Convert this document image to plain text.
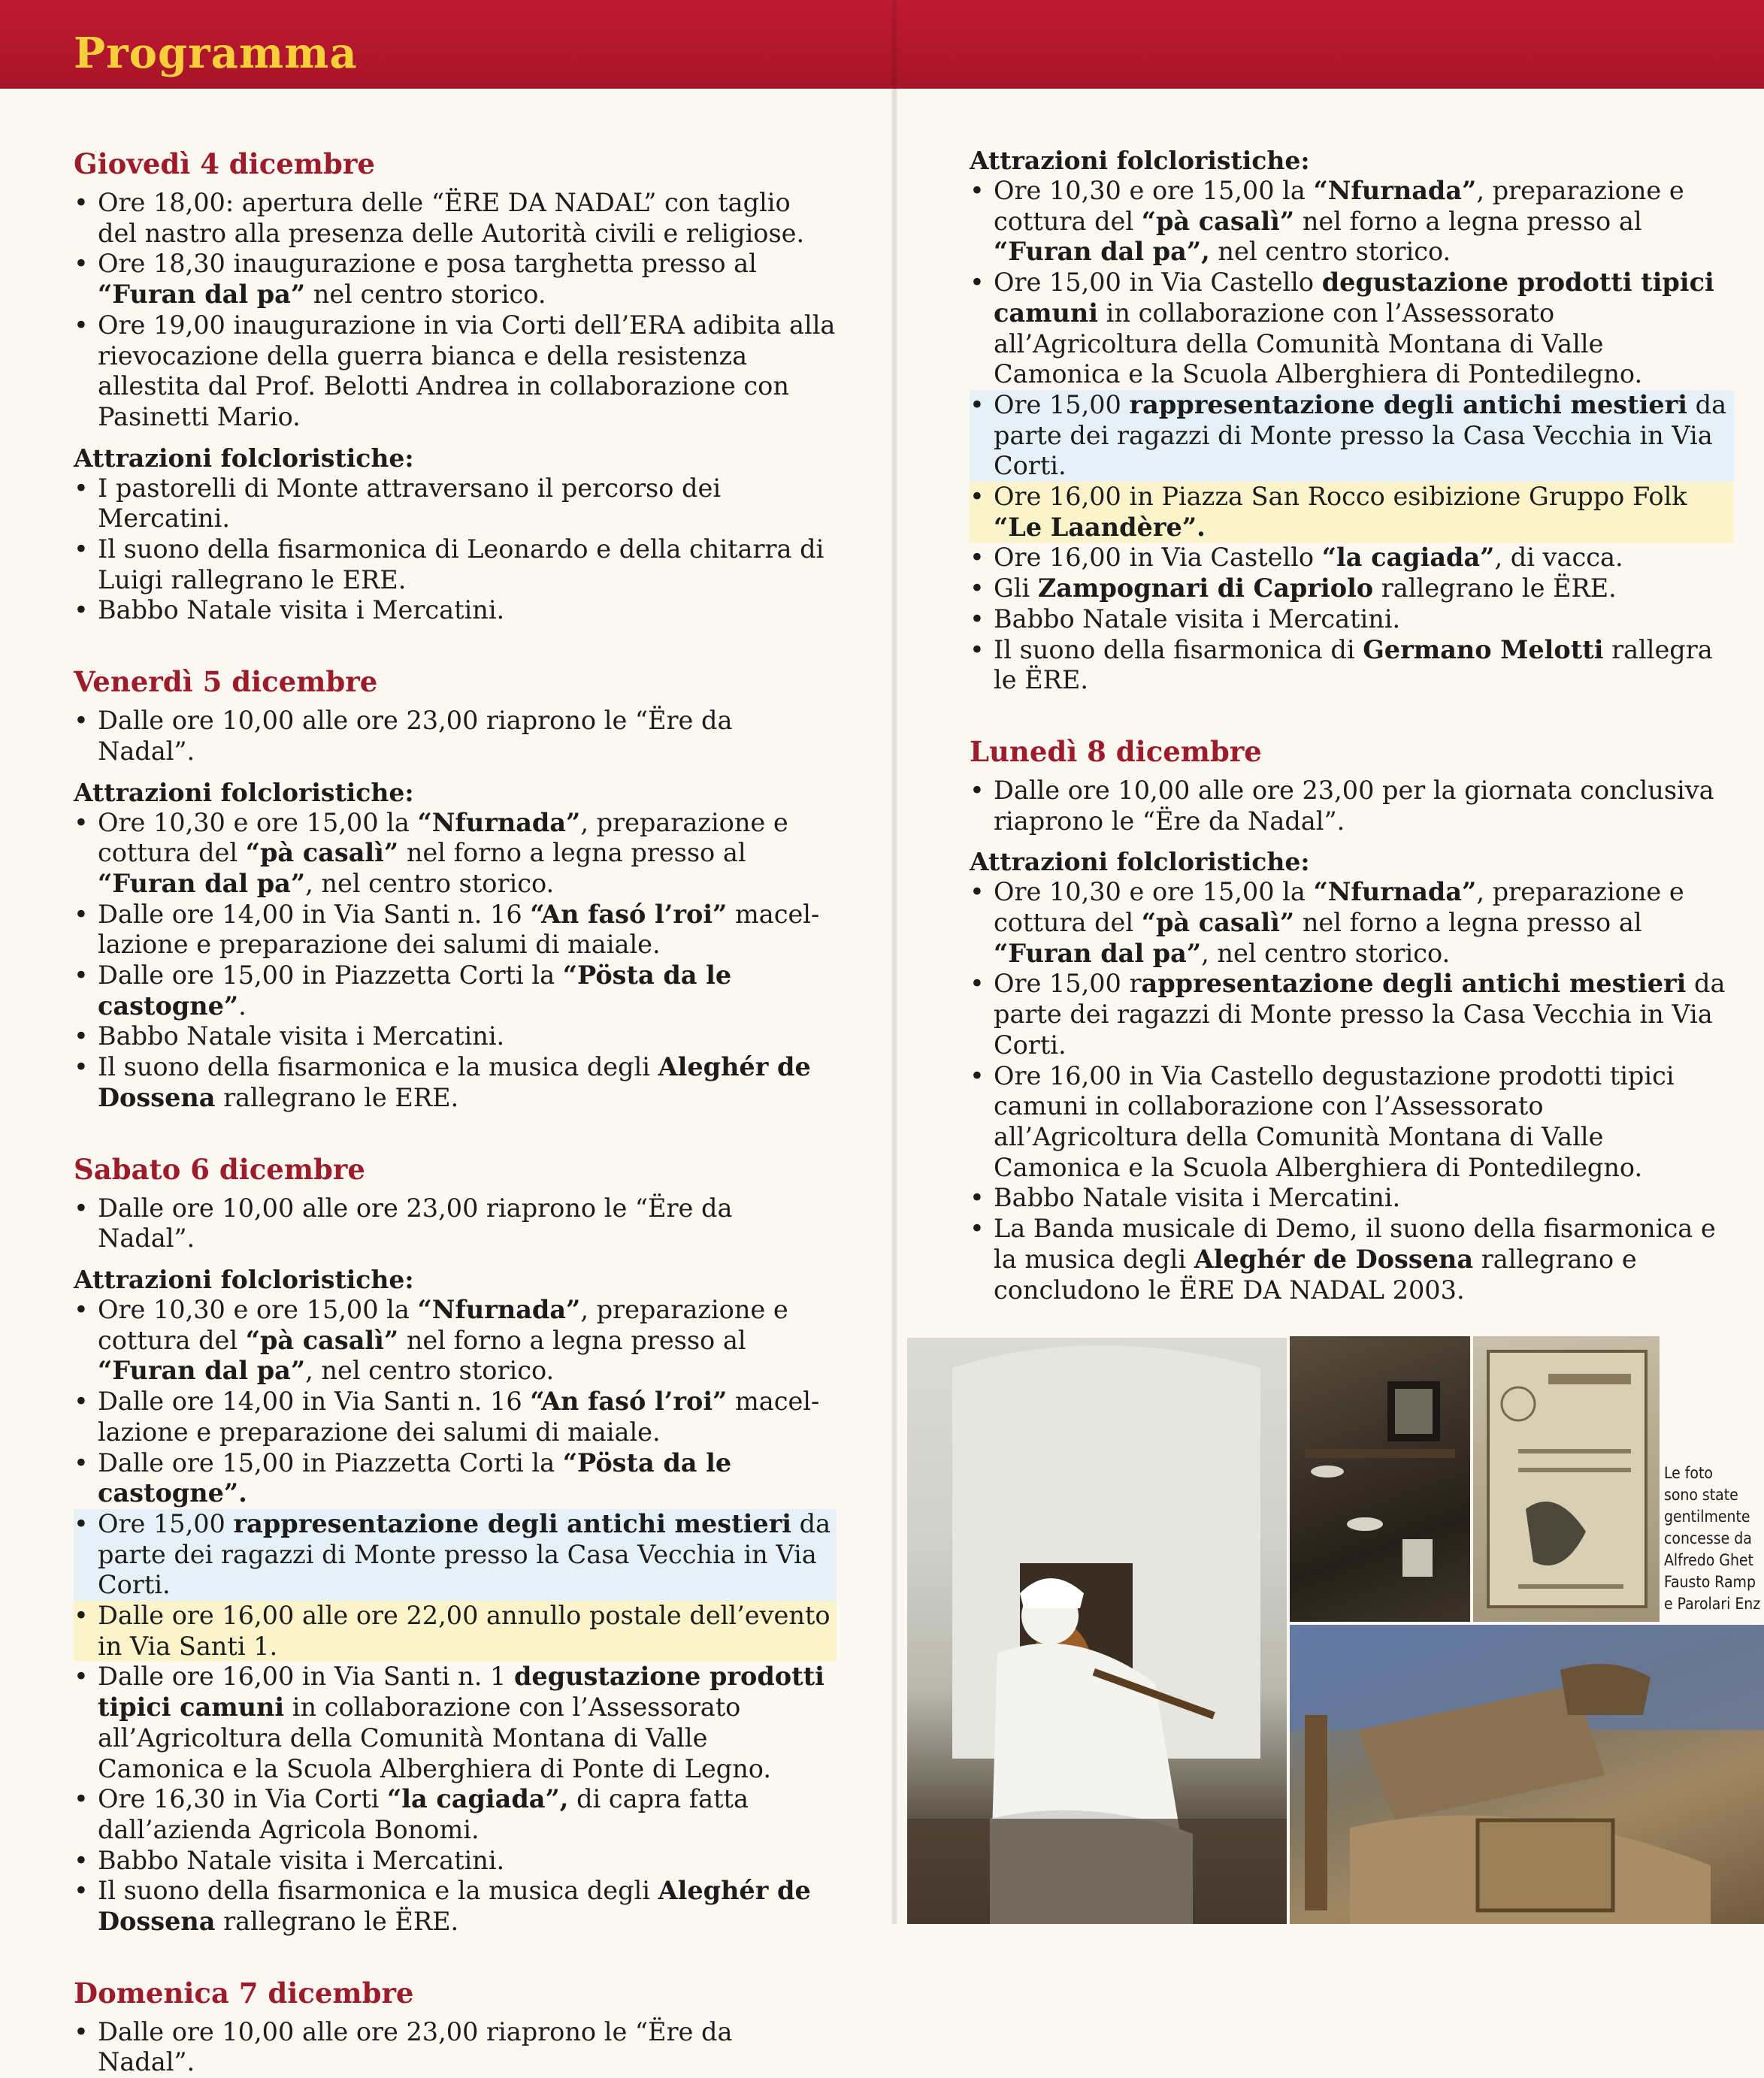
Programma
Giovedì 4 dicembre
• Ore 18,00: apertura delle “ËRE DA NADAL” con taglio del nastro alla presenza delle Autorità civili e religiose.
• Ore 18,30 inaugurazione e posa targhetta presso al “Furan dal pa” nel centro storico.
• Ore 19,00 inaugurazione in via Corti dell’ERA adibita alla rievocazione della guerra bianca e della resistenza allestita dal Prof. Belotti Andrea in collaborazione con Pasinetti Mario.

Attrazioni folcloristiche:

• I pastorelli di Monte attraversano il percorso dei Mercatini.
• Il suono della fisarmonica di Leonardo e della chitarra di Luigi rallegrano le ERE.
• Babbo Natale visita i Mercatini.
Venerdì 5 dicembre
• Dalle ore 10,00 alle ore 23,00 riaprono le “Ëre da Nadal”.

Attrazioni folcloristiche:

• Ore 10,30 e ore 15,00 la “Nfurnada”, preparazione e cottura del “pà casalì” nel forno a legna presso al “Furan dal pa”, nel centro storico.
• Dalle ore 14,00 in Via Santi n. 16 “An fasó l’roi” macel-lazione e preparazione dei salumi di maiale.
• Dalle ore 15,00 in Piazzetta Corti la “Pösta da le castogne”.
• Babbo Natale visita i Mercatini.
• Il suono della fisarmonica e la musica degli Aleghér de Dossena rallegrano le ERE.
Sabato 6 dicembre
• Dalle ore 10,00 alle ore 23,00 riaprono le “Ëre da Nadal”.

Attrazioni folcloristiche:

• Ore 10,30 e ore 15,00 la “Nfurnada”, preparazione e cottura del “pà casalì” nel forno a legna presso al “Furan dal pa”, nel centro storico.
• Dalle ore 14,00 in Via Santi n. 16 “An fasó l’roi” macel-lazione e preparazione dei salumi di maiale.
• Dalle ore 15,00 in Piazzetta Corti la “Pösta da le castogne”.
• Ore 15,00 rappresentazione degli antichi mestieri da parte dei ragazzi di Monte presso la Casa Vecchia in Via Corti.
• Dalle ore 16,00 alle ore 22,00 annullo postale dell’evento in Via Santi 1.
• Dalle ore 16,00 in Via Santi n. 1 degustazione prodotti tipici camuni in collaborazione con l’Assessorato all’Agricoltura della Comunità Montana di Valle Camonica e la Scuola Alberghiera di Ponte di Legno.
• Ore 16,30 in Via Corti “la cagiada”, di capra fatta dall’azienda Agricola Bonomi.
• Babbo Natale visita i Mercatini.
• Il suono della fisarmonica e la musica degli Aleghér de Dossena rallegrano le ËRE.
Domenica 7 dicembre
• Dalle ore 10,00 alle ore 23,00 riaprono le “Ëre da Nadal”.

Attrazioni folcloristiche:

• Ore 10,30 e ore 15,00 la “Nfurnada”, preparazione e cottura del “pà casalì” nel forno a legna presso al “Furan dal pa”, nel centro storico.
• Ore 15,00 in Via Castello degustazione prodotti tipici camuni in collaborazione con l’Assessorato all’Agricoltura della Comunità Montana di Valle Camonica e la Scuola Alberghiera di Pontedilegno.
• Ore 15,00 rappresentazione degli antichi mestieri da parte dei ragazzi di Monte presso la Casa Vecchia in Via Corti.
• Ore 16,00 in Piazza San Rocco esibizione Gruppo Folk “Le Laandère”.
• Ore 16,00 in Via Castello “la cagiada”, di vacca.
• Gli Zampognari di Capriolo rallegrano le ËRE.
• Babbo Natale visita i Mercatini.
• Il suono della fisarmonica di Germano Melotti rallegra le ËRE.
Lunedì 8 dicembre
• Dalle ore 10,00 alle ore 23,00 per la giornata conclusiva riaprono le “Ëre da Nadal”.

Attrazioni folcloristiche:

• Ore 10,30 e ore 15,00 la “Nfurnada”, preparazione e cottura del “pà casalì” nel forno a legna presso al “Furan dal pa”, nel centro storico.
• Ore 15,00 rappresentazione degli antichi mestieri da parte dei ragazzi di Monte presso la Casa Vecchia in Via Corti.
• Ore 16,00 in Via Castello degustazione prodotti tipici camuni in collaborazione con l’Assessorato all’Agricoltura della Comunità Montana di Valle Camonica e la Scuola Alberghiera di Pontedilegno.
• Babbo Natale visita i Mercatini.
• La Banda musicale di Demo, il suono della fisarmonica e la musica degli Aleghér de Dossena rallegrano e concludono le ËRE DA NADAL 2003.
Le foto
sono state
gentilmente
concesse da
Alfredo Ghet
Fausto Ramp
e Parolari Enz
